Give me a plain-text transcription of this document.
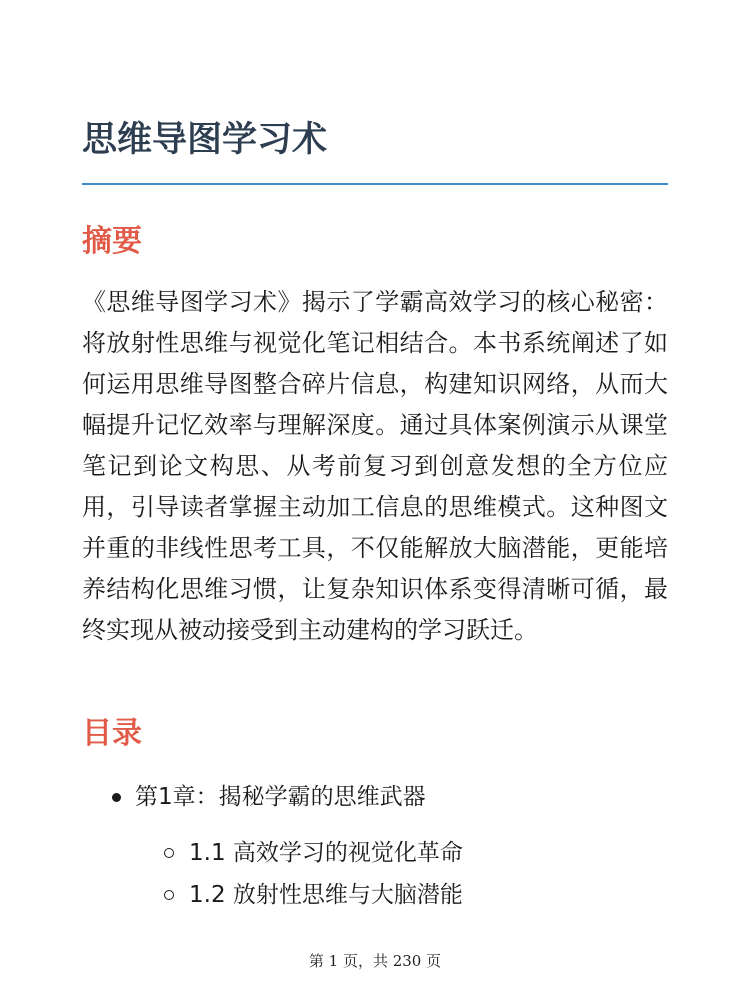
思维导图学习术
摘要

《思维导图学习术》揭示了学霸高效学习的核心秘密：将放射性思维与视觉化笔记相结合。本书系统阐述了如何运用思维导图整合碎片信息，构建知识网络，从而大幅提升记忆效率与理解深度。通过具体案例演示从课堂笔记到论文构思、从考前复习到创意发想的全方位应用，引导读者掌握主动加工信息的思维模式。这种图文并重的非线性思考工具，不仅能解放大脑潜能，更能培养结构化思维习惯，让复杂知识体系变得清晰可循，最终实现从被动接受到主动建构的学习跃迁。

目录
第1章：揭秘学霸的思维武器
1.1 高效学习的视觉化革命
1.2 放射性思维与大脑潜能
第 1 页，共 230 页
